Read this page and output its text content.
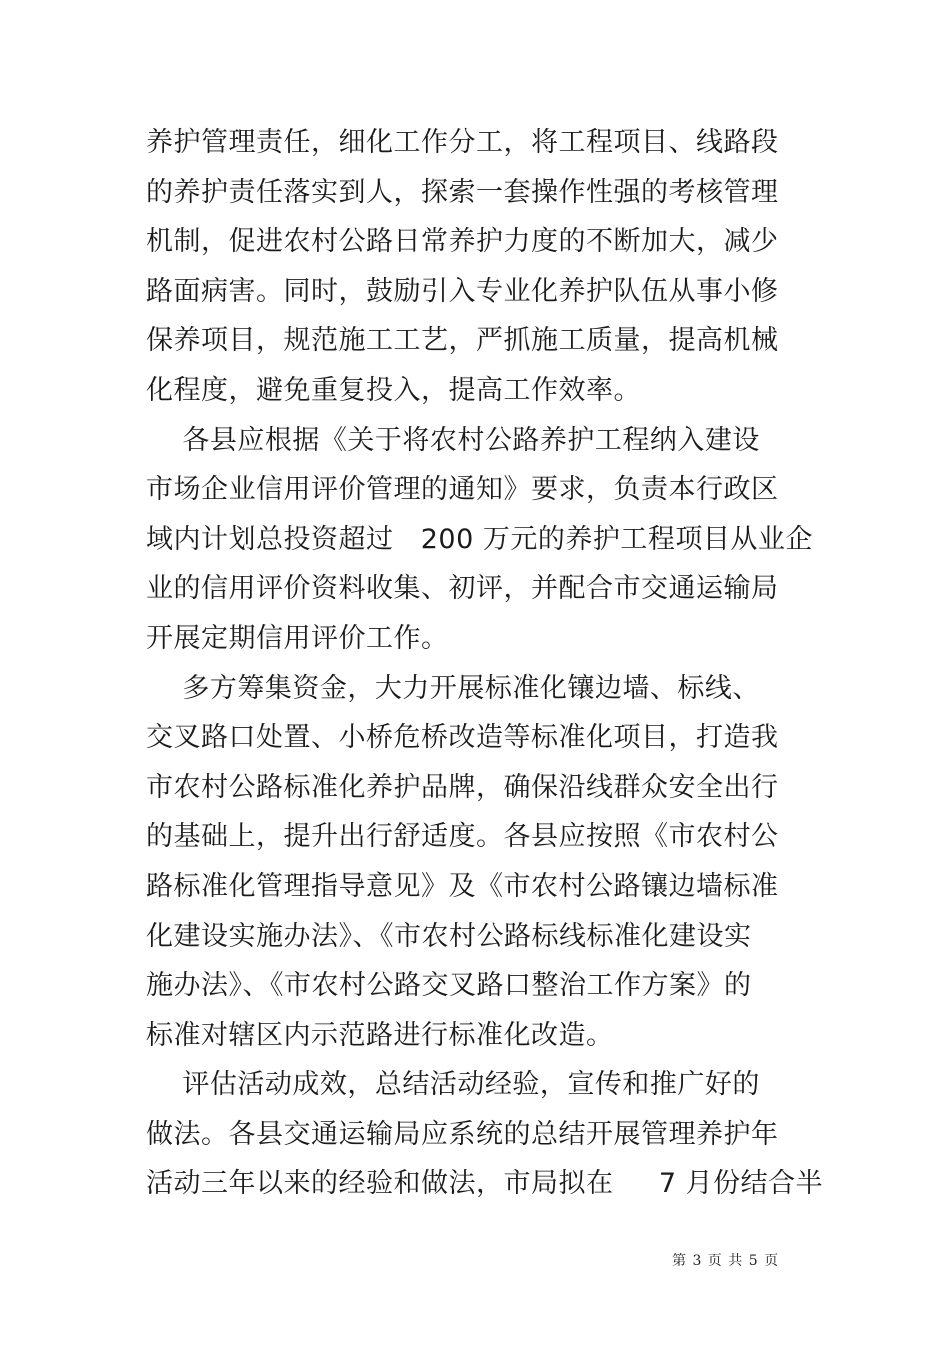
养护管理责任，细化工作分工，将工程项目、线路段
的养护责任落实到人，探索一套操作性强的考核管理
机制，促进农村公路日常养护力度的不断加大，减少
路面病害。同时，鼓励引入专业化养护队伍从事小修
保养项目，规范施工工艺，严抓施工质量，提高机械
化程度，避免重复投入，提高工作效率。
各县应根据《关于将农村公路养护工程纳入建设
市场企业信用评价管理的通知》要求，负责本行政区
域内计划总投资超过   200 万元的养护工程项目从业企
业的信用评价资料收集、初评，并配合市交通运输局
开展定期信用评价工作。
多方筹集资金，大力开展标准化镶边墙、标线、
交叉路口处置、小桥危桥改造等标准化项目，打造我
市农村公路标准化养护品牌，确保沿线群众安全出行
的基础上，提升出行舒适度。各县应按照《市农村公
路标准化管理指导意见》及《市农村公路镶边墙标准
化建设实施办法》、《市农村公路标线标准化建设实
施办法》、《市农村公路交叉路口整治工作方案》的
标准对辖区内示范路进行标准化改造。
评估活动成效，总结活动经验，宣传和推广好的
做法。各县交通运输局应系统的总结开展管理养护年
活动三年以来的经验和做法，市局拟在     7 月份结合半
第 3 页 共 5 页
